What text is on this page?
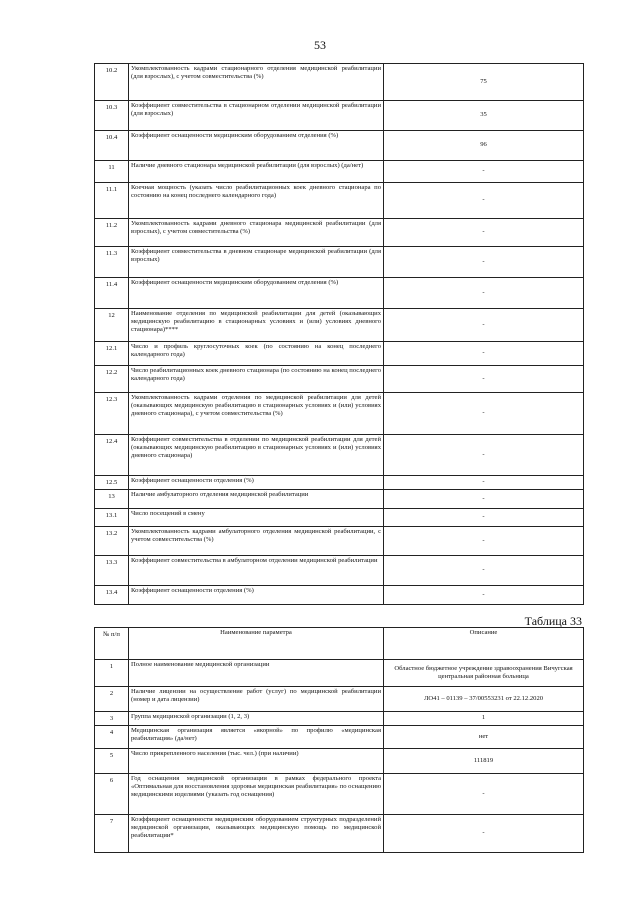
53
10.2	Укомплектованность кадрами стационарного отделения медицинской реабилитации (для взрослых), с учетом совместительства (%)	75
10.3	Коэффициент совместительства в стационарном отделении медицинской реабилитации (для взрослых)	35
10.4	Коэффициент оснащенности медицинским оборудованием отделения (%)	96
11	Наличие дневного стационара медицинской реабилитации (для взрослых) (да/нет)	-
11.1	Коечная мощность (указать число реабилитационных коек дневного стационара по состоянию на конец последнего календарного года)	-
11.2	Укомплектованность кадрами дневного стационара медицинской реабилитации (для взрослых), с учетом совместительства (%)	-
11.3	Коэффициент совместительства в дневном стационаре медицинской реабилитации (для взрослых)	-
11.4	Коэффициент оснащенности медицинским оборудованием отделения (%)	-
12	Наименование отделения по медицинской реабилитации для детей (оказывающих медицинскую реабилитацию в стационарных условиях и (или) условиях дневного стационара)****	-
12.1	Число и профиль круглосуточных коек (по состоянию на конец последнего календарного года)	-
12.2	Число реабилитационных коек дневного стационара (по состоянию на конец последнего календарного года)	-
12.3	Укомплектованность кадрами отделения по медицинской реабилитации для детей (оказывающих медицинскую реабилитацию в стационарных условиях и (или) условиях дневного стационара), с учетом совместительства (%)	-
12.4	Коэффициент совместительства в отделении по медицинской реабилитации для детей (оказывающих медицинскую реабилитацию в стационарных условиях и (или) условиях дневного стационара)	-
12.5	Коэффициент оснащенности отделения (%)	-
13	Наличие амбулаторного отделения медицинской реабилитации	-
13.1	Число посещений в смену	-
13.2	Укомплектованность кадрами амбулаторного отделения медицинской реабилитации, с учетом совместительства (%)	-
13.3	Коэффициент совместительства в амбулаторном отделении медицинской реабилитации	-
13.4	Коэффициент оснащенности отделения (%)	-
Таблица 33
№ п/п	Наименование параметра	Описание
1	Полное наименование медицинской организации	Областное бюджетное учреждение здравоохранения Вичугская центральная районная больница
2	Наличие лицензии на осуществление работ (услуг) по медицинской реабилитации (номер и дата лицензии)	ЛО41 – 01139 – 37/00553231 от 22.12.2020
3	Группа медицинской организации (1, 2, 3)	1
4	Медицинская организация является «якорной» по профилю «медицинская реабилитация» (да/нет)	нет
5	Число прикрепленного населения (тыс. чел.) (при наличии)	111819
6	Год оснащения медицинской организации в рамках федерального проекта «Оптимальная для восстановления здоровья медицинская реабилитация» по оснащению медицинскими изделиями (указать год оснащения)	-
7	Коэффициент оснащенности медицинским оборудованием структурных подразделений медицинской организации, оказывающих медицинскую помощь по медицинской реабилитации*	-
